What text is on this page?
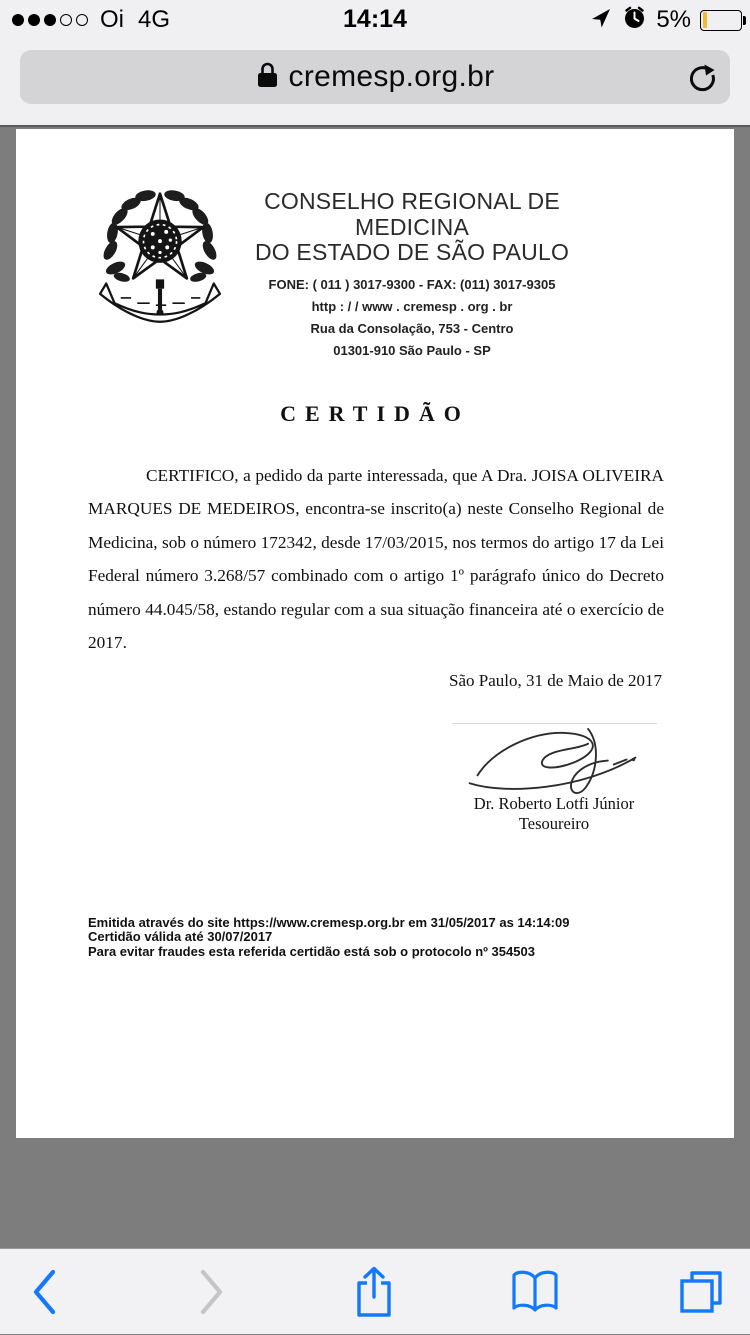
Oi 4G	14:14	5%
cremesp.org.br
CONSELHO REGIONAL DE MEDICINA
DO ESTADO DE SÃO PAULO
FONE: ( 011 ) 3017-9300 - FAX: (011) 3017-9305
http : / / www . cremesp . org . br
Rua da Consolação, 753 - Centro
01301-910 São Paulo - SP
CERTIDÃO
CERTIFICO, a pedido da parte interessada, que A Dra. JOISA OLIVEIRA MARQUES DE MEDEIROS, encontra-se inscrito(a) neste Conselho Regional de Medicina, sob o número 172342, desde 17/03/2015, nos termos do artigo 17 da Lei Federal número 3.268/57 combinado com o artigo 1º parágrafo único do Decreto número 44.045/58, estando regular com a sua situação financeira até o exercício de 2017.
São Paulo, 31 de Maio de 2017
Dr. Roberto Lotfi Júnior
Tesoureiro
Emitida através do site https://www.cremesp.org.br em 31/05/2017 as 14:14:09
Certidão válida até 30/07/2017
Para evitar fraudes esta referida certidão está sob o protocolo nº 354503
